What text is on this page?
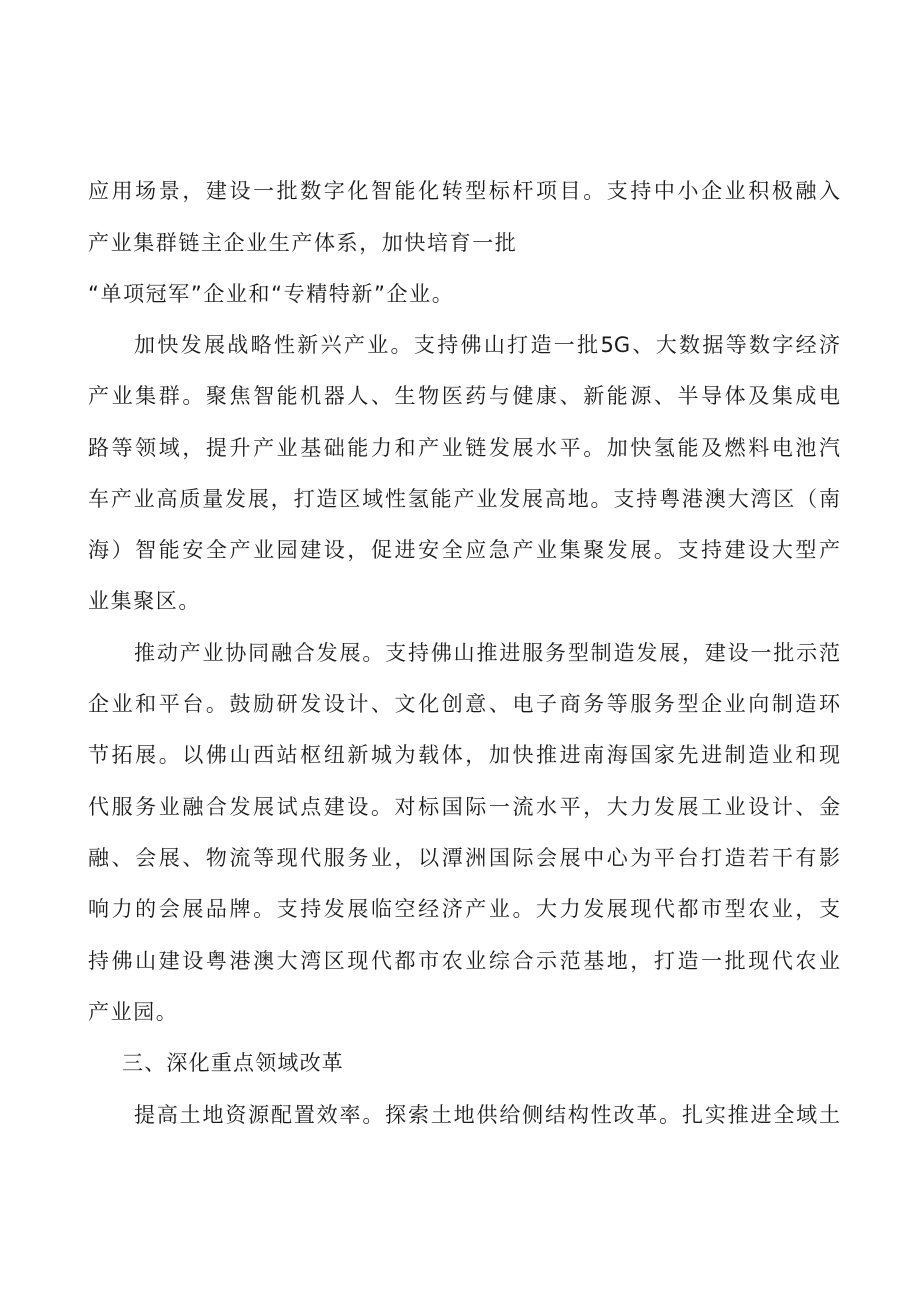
应用场景，建设一批数字化智能化转型标杆项目。支持中小企业积极融入
产业集群链主企业生产体系，加快培育一批
“单项冠军”企业和“专精特新”企业。
加快发展战略性新兴产业。支持佛山打造一批5G、大数据等数字经济
产业集群。聚焦智能机器人、生物医药与健康、新能源、半导体及集成电
路等领域，提升产业基础能力和产业链发展水平。加快氢能及燃料电池汽
车产业高质量发展，打造区域性氢能产业发展高地。支持粤港澳大湾区（南
海）智能安全产业园建设，促进安全应急产业集聚发展。支持建设大型产
业集聚区。
推动产业协同融合发展。支持佛山推进服务型制造发展，建设一批示范
企业和平台。鼓励研发设计、文化创意、电子商务等服务型企业向制造环
节拓展。以佛山西站枢纽新城为载体，加快推进南海国家先进制造业和现
代服务业融合发展试点建设。对标国际一流水平，大力发展工业设计、金
融、会展、物流等现代服务业，以潭洲国际会展中心为平台打造若干有影
响力的会展品牌。支持发展临空经济产业。大力发展现代都市型农业，支
持佛山建设粤港澳大湾区现代都市农业综合示范基地，打造一批现代农业
产业园。
三、深化重点领域改革
提高土地资源配置效率。探索土地供给侧结构性改革。扎实推进全域土
